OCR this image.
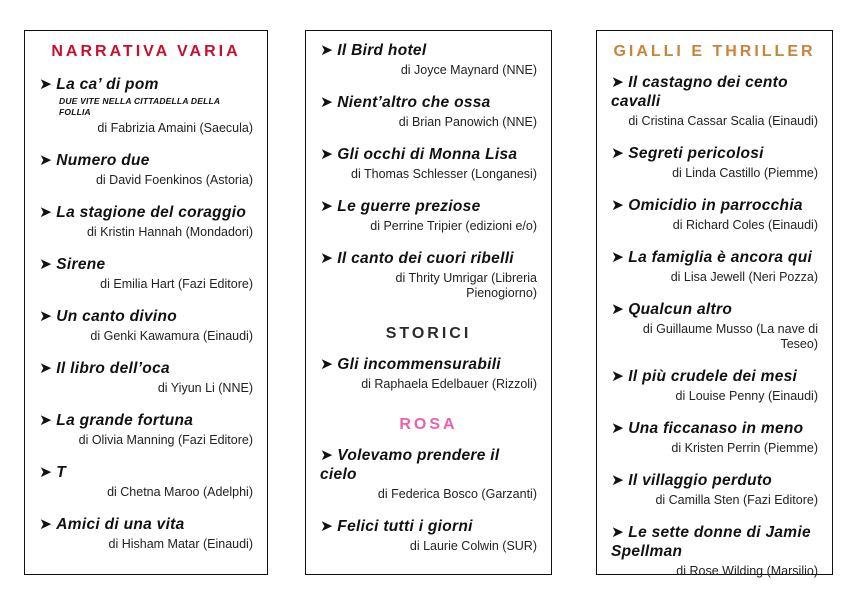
NARRATIVA VARIA
➤ La ca’ di pom
DUE VITE NELLA CITTADELLA DELLA FOLLIA
di Fabrizia Amaini (Saecula)
➤ Numero due
di David Foenkinos (Astoria)
➤ La stagione del coraggio
di Kristin Hannah (Mondadori)
➤ Sirene
di Emilia Hart (Fazi Editore)
➤ Un canto divino
di Genki Kawamura (Einaudi)
➤ Il libro dell’oca
di Yiyun Li (NNE)
➤ La grande fortuna
di Olivia Manning (Fazi Editore)
➤ T
di Chetna Maroo (Adelphi)
➤ Amici di una vita
di Hisham Matar (Einaudi)
➤ Il Bird hotel
di Joyce Maynard (NNE)
➤ Nient’altro che ossa
di Brian Panowich (NNE)
➤ Gli occhi di Monna Lisa
di Thomas Schlesser (Longanesi)
➤ Le guerre preziose
di Perrine Tripier (edizioni e/o)
➤ Il canto dei cuori ribelli
di Thrity Umrigar (Libreria Pienogiorno)
STORICI
➤ Gli incommensurabili
di Raphaela Edelbauer (Rizzoli)
ROSA
➤ Volevamo prendere il cielo
di Federica Bosco (Garzanti)
➤ Felici tutti i giorni
di Laurie Colwin (SUR)
GIALLI E THRILLER
➤ Il castagno dei cento cavalli
di Cristina Cassar Scalia (Einaudi)
➤ Segreti pericolosi
di Linda Castillo (Piemme)
➤ Omicidio in parrocchia
di Richard Coles (Einaudi)
➤ La famiglia è ancora qui
di Lisa Jewell (Neri Pozza)
➤ Qualcun altro
di Guillaume Musso (La nave di Teseo)
➤ Il più crudele dei mesi
di Louise Penny (Einaudi)
➤ Una ficcanaso in meno
di Kristen Perrin (Piemme)
➤ Il villaggio perduto
di Camilla Sten (Fazi Editore)
➤ Le sette donne di Jamie Spellman
di Rose Wilding (Marsilio)
